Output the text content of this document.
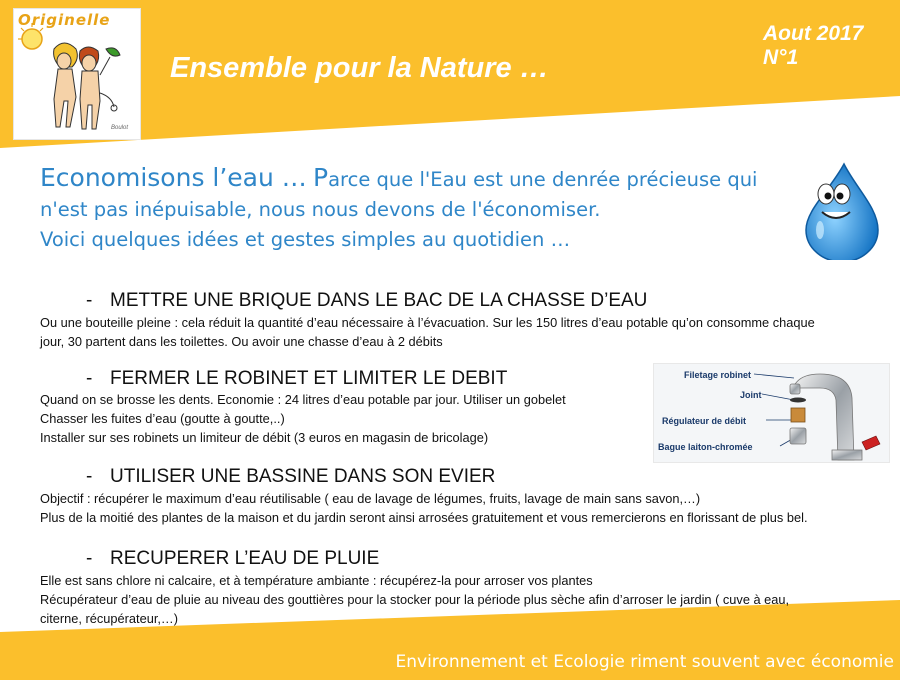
Originelle
Boulot
Ensemble pour la Nature …
Aout 2017
N°1
Economisons l’eau … Parce que l'Eau est une denrée précieuse qui
n'est pas inépuisable, nous nous devons de l'économiser.
Voici quelques idées et gestes simples au quotidien …
- METTRE UNE BRIQUE DANS LE BAC DE LA CHASSE D’EAU
Ou une bouteille pleine : cela réduit la quantité d’eau nécessaire à l’évacuation. Sur les 150 litres d’eau potable qu’on consomme chaque
jour, 30 partent dans les toilettes. Ou avoir une chasse d’eau à 2 débits
- FERMER LE ROBINET ET LIMITER LE DEBIT
Quand on se brosse les dents. Economie : 24 litres d’eau potable par jour. Utiliser un gobelet
Chasser les fuites d’eau (goutte à goutte,..)
Installer sur ses robinets un limiteur de débit (3 euros en magasin de bricolage)
Filetage robinet
Joint
Régulateur de débit
Bague laiton-chromée
- UTILISER UNE BASSINE DANS SON EVIER
Objectif : récupérer le maximum d’eau réutilisable ( eau de lavage de légumes, fruits, lavage de main sans savon,…)
Plus de la moitié des plantes de la maison et du jardin seront ainsi arrosées gratuitement et vous remercierons en florissant de plus bel.
- RECUPERER L’EAU DE PLUIE
Elle est sans chlore ni calcaire, et à température ambiante : récupérez-la pour arroser vos plantes
Récupérateur d’eau de pluie au niveau des gouttières pour la stocker pour la période plus sèche afin d’arroser le jardin ( cuve à eau,
citerne, récupérateur,…)
Environnement et Ecologie riment souvent avec économie
